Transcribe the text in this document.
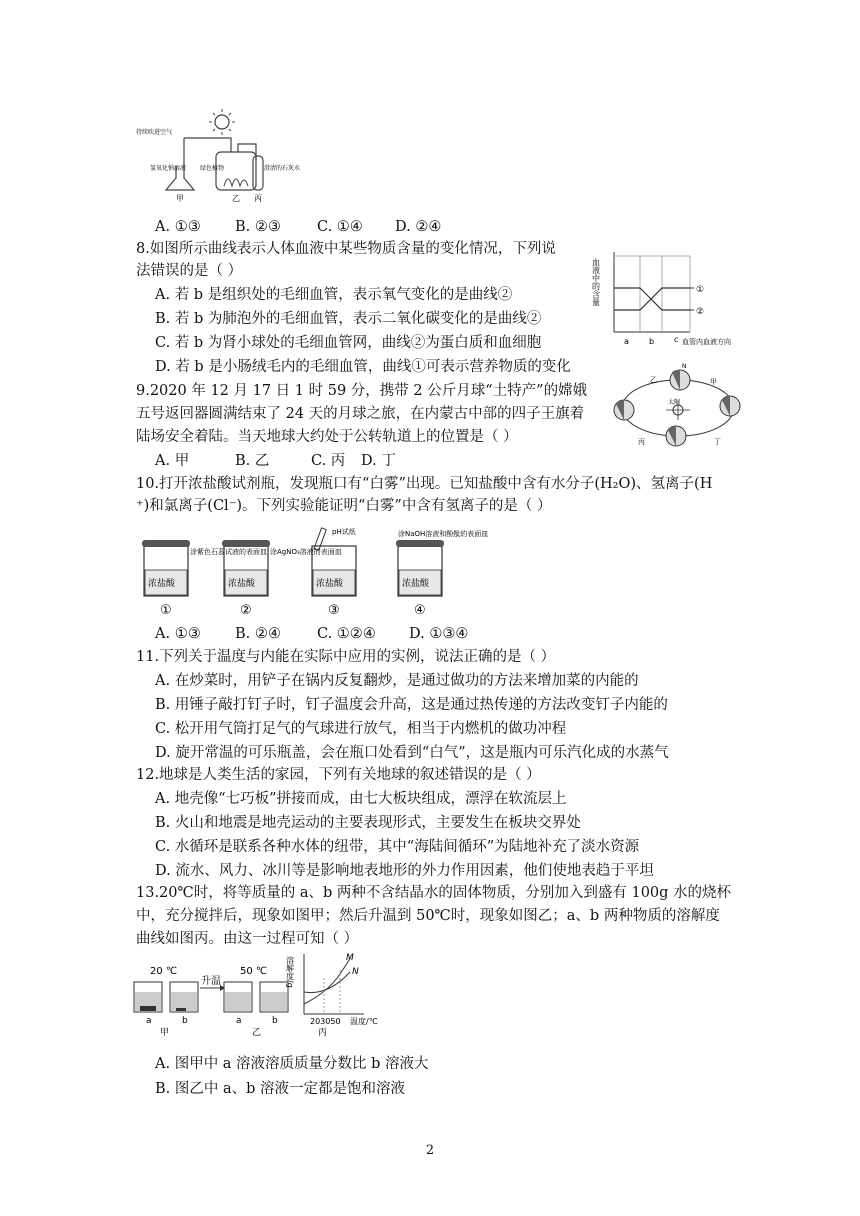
持续吹进空气
氢氧化钠溶液 绿色植物	澄清的石灰水
甲	乙 丙
A. ①③ B. ②③ C. ①④ D. ②④
8.如图所示曲线表示人体血液中某些物质含量的变化情况，下列说
法错误的是（ ）
A. 若 b 是组织处的毛细血管，表示氧气变化的是曲线②
B. 若 b 为肺泡外的毛细血管，表示二氧化碳变化的是曲线②
C. 若 b 为肾小球处的毛细血管网，曲线②为蛋白质和血细胞
D. 若 b 是小肠绒毛内的毛细血管，曲线①可表示营养物质的变化
血液中的含量	①
②
a	b c 血管内血液方向
9.2020 年 12 月 17 日 1 时 59 分，携带 2 公斤月球“土特产”的嫦娥
五号返回器圆满结束了 24 天的月球之旅，在内蒙古中部的四子王旗着
陆场安全着陆。当天地球大约处于公转轨道上的位置是（ ）
A. 甲	B. 乙	C. 丙 D. 丁
太阳
N
乙	甲
丙	丁
10.打开浓盐酸试剂瓶，发现瓶口有“白雾”出现。已知盐酸中含有水分子(H₂O)、氢离子(H
⁺)和氯离子(Cl⁻)。下列实验能证明“白雾”中含有氢离子的是（ ）
浓盐酸	浓盐酸	浓盐酸	浓盐酸
涂紫色石蕊试液的表面皿 涂AgNO₃溶液的表面皿
pH试纸	涂NaOH溶液和酚酞的表面皿
①	②	③	④
A. ①③ B. ②④ C. ①②④ D. ①③④
11.下列关于温度与内能在实际中应用的实例，说法正确的是（ ）
A. 在炒菜时，用铲子在锅内反复翻炒，是通过做功的方法来增加菜的内能的
B. 用锤子敲打钉子时，钉子温度会升高，这是通过热传递的方法改变钉子内能的
C. 松开用气筒打足气的气球进行放气，相当于内燃机的做功冲程
D. 旋开常温的可乐瓶盖，会在瓶口处看到“白气”，这是瓶内可乐汽化成的水蒸气
12.地球是人类生活的家园，下列有关地球的叙述错误的是（ ）
A. 地壳像“七巧板”拼接而成，由七大板块组成，漂浮在软流层上
B. 火山和地震是地壳运动的主要表现形式，主要发生在板块交界处
C. 水循环是联系各种水体的纽带，其中“海陆间循环”为陆地补充了淡水资源
D. 流水、风力、冰川等是影响地表地形的外力作用因素，他们使地表趋于平坦
13.20℃时，将等质量的 a、b 两种不含结晶水的固体物质，分别加入到盛有 100g 水的烧杯
中，充分搅拌后，现象如图甲；然后升温到 50℃时，现象如图乙；a、b 两种物质的溶解度
曲线如图丙。由这一过程可知（ ）
20 ℃	50 ℃
升温
a	b	a	b
甲	乙	丙
溶解度/g
203050 温度/℃
M
N
A. 图甲中 a 溶液溶质质量分数比 b 溶液大
B. 图乙中 a、b 溶液一定都是饱和溶液
2
